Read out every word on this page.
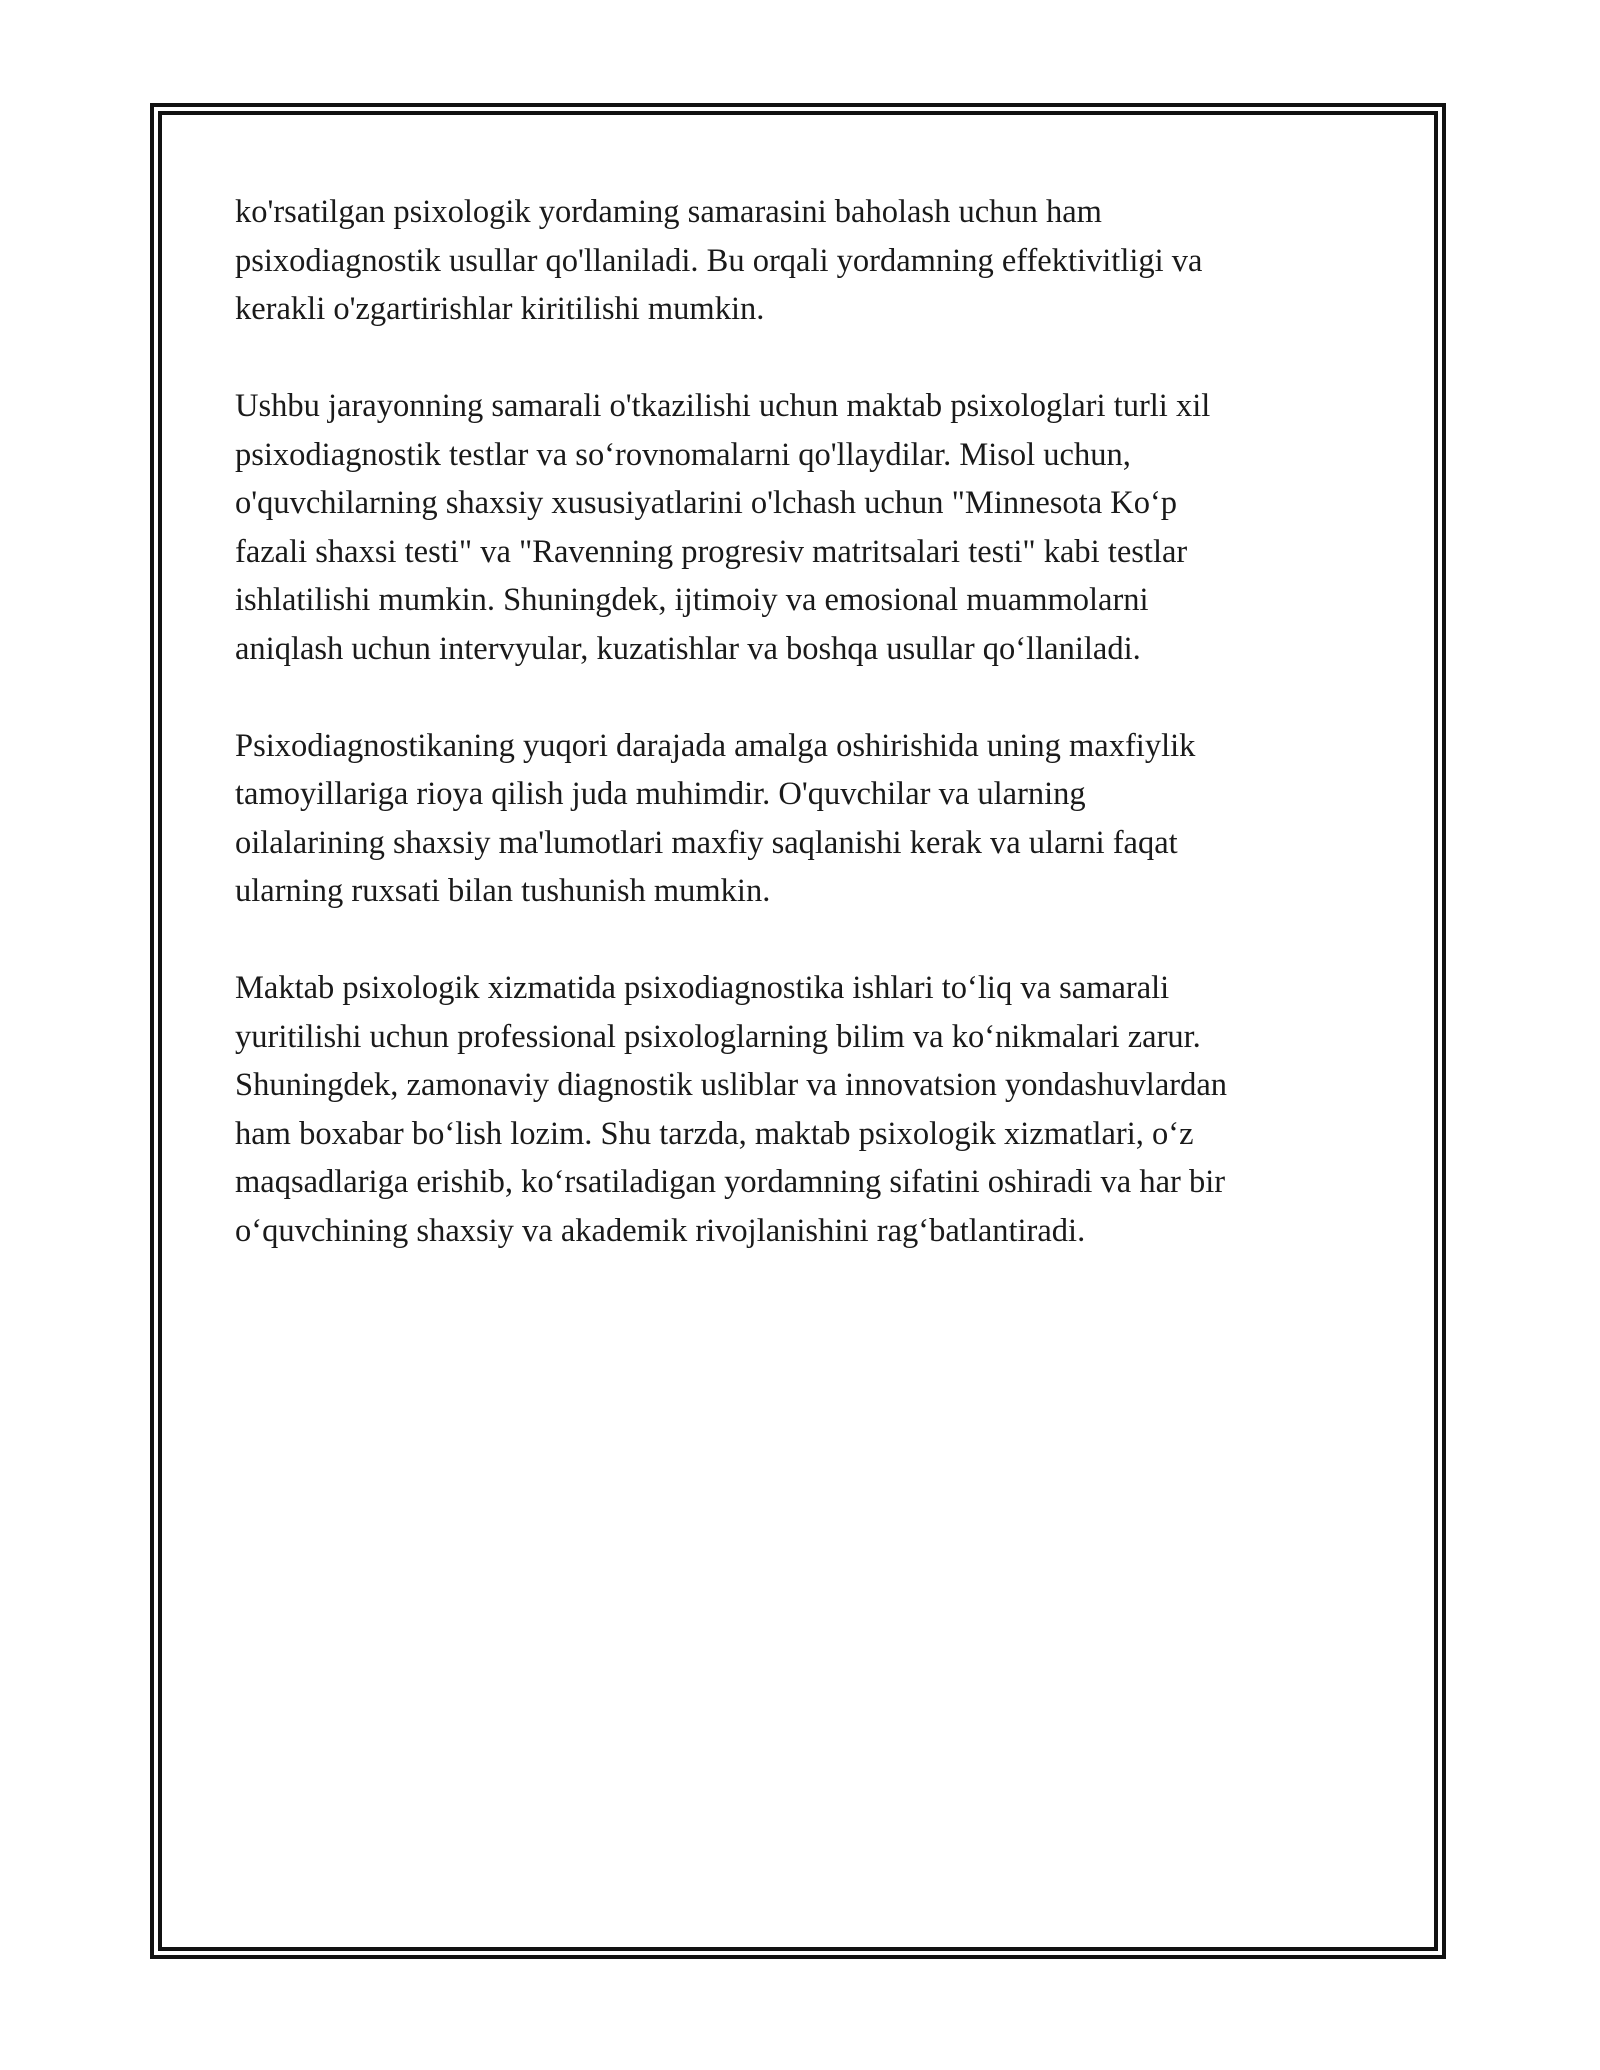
ko'rsatilgan psixologik yordaming samarasini baholash uchun ham
psixodiagnostik usullar qo'llaniladi. Bu orqali yordamning effektivitligi va
kerakli o'zgartirishlar kiritilishi mumkin.

Ushbu jarayonning samarali o'tkazilishi uchun maktab psixologlari turli xil
psixodiagnostik testlar va so‘rovnomalarni qo'llaydilar. Misol uchun,
o'quvchilarning shaxsiy xususiyatlarini o'lchash uchun "Minnesota Ko‘p
fazali shaxsi testi" va "Ravenning progresiv matritsalari testi" kabi testlar
ishlatilishi mumkin. Shuningdek, ijtimoiy va emosional muammolarni
aniqlash uchun intervyular, kuzatishlar va boshqa usullar qo‘llaniladi.

Psixodiagnostikaning yuqori darajada amalga oshirishida uning maxfiylik
tamoyillariga rioya qilish juda muhimdir. O'quvchilar va ularning
oilalarining shaxsiy ma'lumotlari maxfiy saqlanishi kerak va ularni faqat
ularning ruxsati bilan tushunish mumkin.

Maktab psixologik xizmatida psixodiagnostika ishlari to‘liq va samarali
yuritilishi uchun professional psixologlarning bilim va ko‘nikmalari zarur.
Shuningdek, zamonaviy diagnostik usliblar va innovatsion yondashuvlardan
ham boxabar bo‘lish lozim. Shu tarzda, maktab psixologik xizmatlari, o‘z
maqsadlariga erishib, ko‘rsatiladigan yordamning sifatini oshiradi va har bir
o‘quvchining shaxsiy va akademik rivojlanishini rag‘batlantiradi.
